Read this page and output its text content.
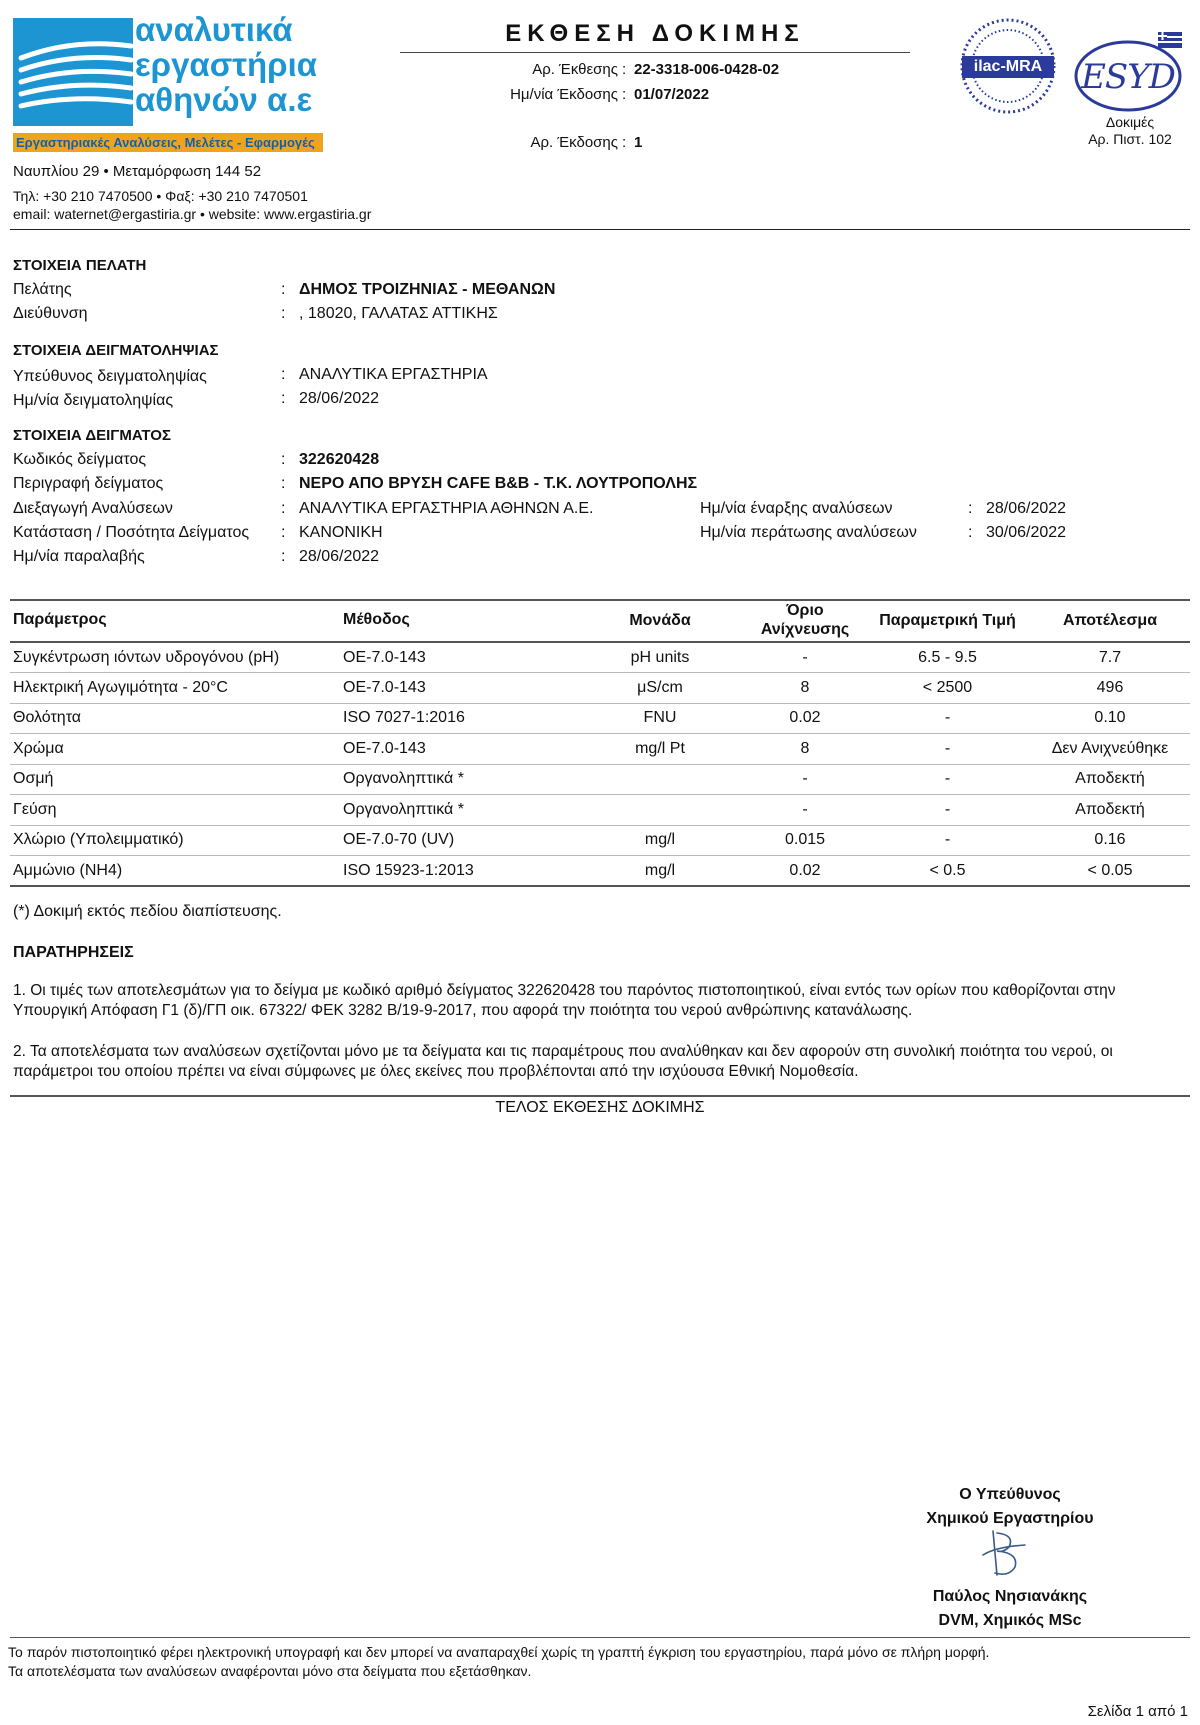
αναλυτικά
εργαστήρια
αθηνών α.ε
Εργαστηριακές Αναλύσεις, Μελέτες - Εφαρμογές
Ναυπλίου 29 • Μεταμόρφωση 144 52
Τηλ: +30 210 7470500 • Φαξ: +30 210 7470501
email: waternet@ergastiria.gr • website: www.ergastiria.gr
ΕΚΘΕΣΗ ΔΟΚΙΜΗΣ
Αρ. Έκθεσης : 22-3318-006-0428-02
Ημ/νία Έκδοσης : 01/07/2022
Αρ. Έκδοσης : 1
ilac-MRA	ESYD
Δοκιμές
Αρ. Πιστ. 102
ΣΤΟΙΧΕΙΑ ΠΕΛΑΤΗ
Πελάτης	: ΔΗΜΟΣ ΤΡΟΙΖΗΝΙΑΣ - ΜΕΘΑΝΩΝ
Διεύθυνση	: , 18020, ΓΑΛΑΤΑΣ ΑΤΤΙΚΗΣ
ΣΤΟΙΧΕΙΑ ΔΕΙΓΜΑΤΟΛΗΨΙΑΣ
Υπεύθυνος δειγματοληψίας	: ΑΝΑΛΥΤΙΚΑ ΕΡΓΑΣΤΗΡΙΑ
Ημ/νία δειγματοληψίας	: 28/06/2022
ΣΤΟΙΧΕΙΑ ΔΕΙΓΜΑΤΟΣ
Κωδικός δείγματος	: 322620428
Περιγραφή δείγματος	: ΝΕΡΟ ΑΠΟ ΒΡΥΣΗ CAFE B&B - Τ.Κ. ΛΟΥΤΡΟΠΟΛΗΣ
Διεξαγωγή Αναλύσεων	: ΑΝΑΛΥΤΙΚΑ ΕΡΓΑΣΤΗΡΙΑ ΑΘΗΝΩΝ Α.Ε.	Ημ/νία έναρξης αναλύσεων	: 28/06/2022
Κατάσταση / Ποσότητα Δείγματος : ΚΑΝΟΝΙΚΗ	Ημ/νία περάτωσης αναλύσεων	: 30/06/2022
Ημ/νία παραλαβής	: 28/06/2022
Παράμετρος	Μέθοδος	Μονάδα	Όριο Ανίχνευσης	Παραμετρική Τιμή	Αποτέλεσμα
Συγκέντρωση ιόντων υδρογόνου (pH)	ΟΕ-7.0-143	pH units	-	6.5 - 9.5	7.7
Ηλεκτρική Αγωγιμότητα - 20°C	ΟΕ-7.0-143	μS/cm	8	< 2500	496
Θολότητα	ISO 7027-1:2016	FNU	0.02	-	0.10
Χρώμα	ΟΕ-7.0-143	mg/l Pt	8	-	Δεν Ανιχνεύθηκε
Οσμή	Οργανοληπτικά *		-	-	Αποδεκτή
Γεύση	Οργανοληπτικά *		-	-	Αποδεκτή
Χλώριο (Υπολειμματικό)	ΟΕ-7.0-70 (UV)	mg/l	0.015	-	0.16
Αμμώνιο (NH4)	ISO 15923-1:2013	mg/l	0.02	< 0.5	< 0.05
(*) Δοκιμή εκτός πεδίου διαπίστευσης.
ΠΑΡΑΤΗΡΗΣΕΙΣ
1. Οι τιμές των αποτελεσμάτων για το δείγμα με κωδικό αριθμό δείγματος 322620428 του παρόντος πιστοποιητικού, είναι εντός των ορίων που καθορίζονται στην Υπουργική Απόφαση Γ1 (δ)/ΓΠ οικ. 67322/ ΦΕΚ 3282 Β/19-9-2017, που αφορά την ποιότητα του νερού ανθρώπινης κατανάλωσης.
2. Τα αποτελέσματα των αναλύσεων σχετίζονται μόνο με τα δείγματα και τις παραμέτρους που αναλύθηκαν και δεν αφορούν στη συνολική ποιότητα του νερού, οι παράμετροι του οποίου πρέπει να είναι σύμφωνες με όλες εκείνες που προβλέπονται από την ισχύουσα Εθνική Νομοθεσία.
ΤΕΛΟΣ ΕΚΘΕΣΗΣ ΔΟΚΙΜΗΣ
Ο Υπεύθυνος
Χημικού Εργαστηρίου
Παύλος Νησιανάκης
DVM, Χημικός MSc
Το παρόν πιστοποιητικό φέρει ηλεκτρονική υπογραφή και δεν μπορεί να αναπαραχθεί χωρίς τη γραπτή έγκριση του εργαστηρίου, παρά μόνο σε πλήρη μορφή.
Τα αποτελέσματα των αναλύσεων αναφέρονται μόνο στα δείγματα που εξετάσθηκαν.
Σελίδα 1 από 1
